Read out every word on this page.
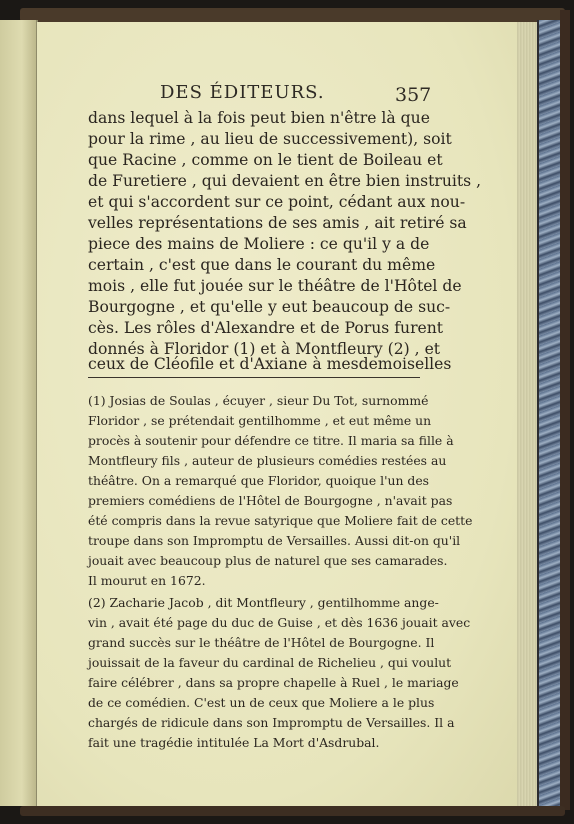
DES ÉDITEURS.	357
dans lequel à la fois peut bien n'être là que
pour la rime , au lieu de successivement), soit
que Racine , comme on le tient de Boileau et
de Furetiere , qui devaient en être bien instruits ,
et qui s'accordent sur ce point, cédant aux nou-
velles représentations de ses amis , ait retiré sa
piece des mains de Moliere : ce qu'il y a de
certain , c'est que dans le courant du même
mois , elle fut jouée sur le théâtre de l'Hôtel de
Bourgogne , et qu'elle y eut beaucoup de suc-
cès. Les rôles d'Alexandre et de Porus furent
donnés à Floridor (1) et à Montfleury (2) , et
ceux de Cléofile et d'Axiane à mesdemoiselles
(1) Josias de Soulas , écuyer , sieur Du Tot, surnommé
Floridor , se prétendait gentilhomme , et eut même un
procès à soutenir pour défendre ce titre. Il maria sa fille à
Montfleury fils , auteur de plusieurs comédies restées au
théâtre. On a remarqué que Floridor, quoique l'un des
premiers comédiens de l'Hôtel de Bourgogne , n'avait pas
été compris dans la revue satyrique que Moliere fait de cette
troupe dans son Impromptu de Versailles. Aussi dit-on qu'il
jouait avec beaucoup plus de naturel que ses camarades.
Il mourut en 1672.
(2) Zacharie Jacob , dit Montfleury , gentilhomme ange-
vin , avait été page du duc de Guise , et dès 1636 jouait avec
grand succès sur le théâtre de l'Hôtel de Bourgogne. Il
jouissait de la faveur du cardinal de Richelieu , qui voulut
faire célébrer , dans sa propre chapelle à Ruel , le mariage
de ce comédien. C'est un de ceux que Moliere a le plus
chargés de ridicule dans son Impromptu de Versailles. Il a
fait une tragédie intitulée La Mort d'Asdrubal.
